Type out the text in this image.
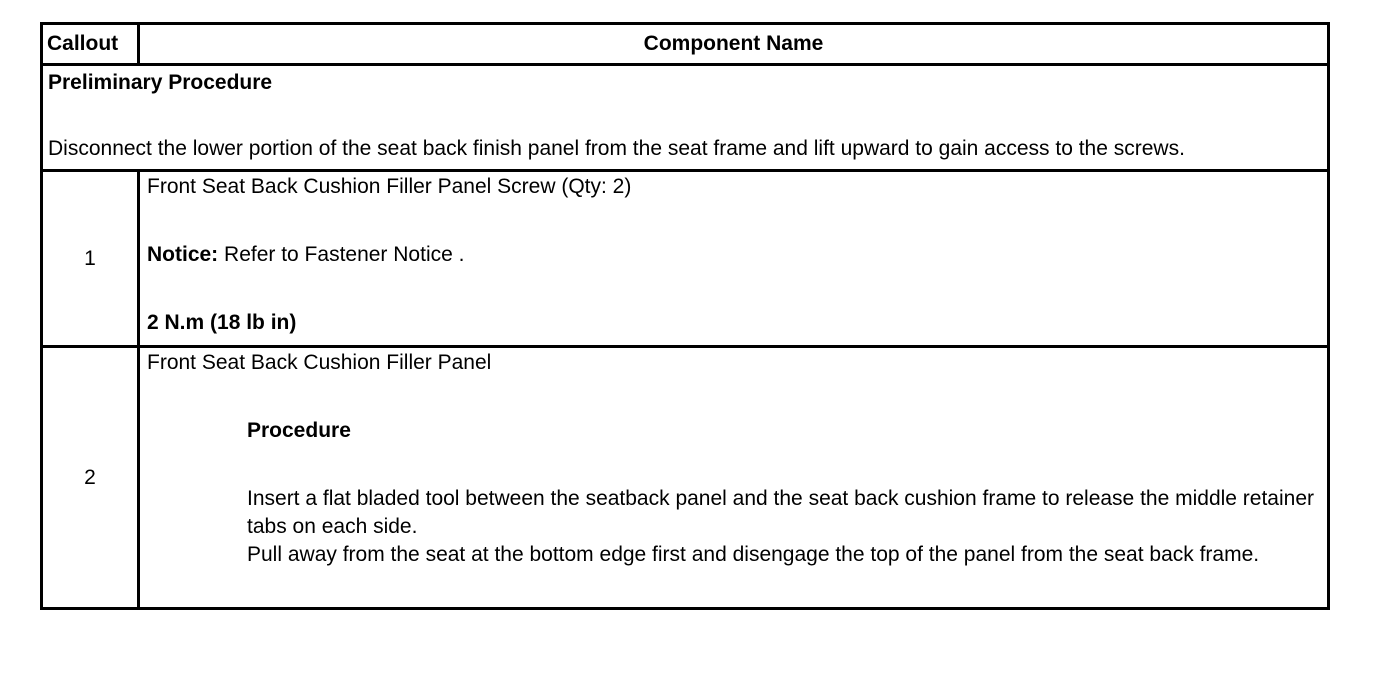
Callout	Component Name

Preliminary Procedure
Disconnect the lower portion of the seat back finish panel from the seat frame and lift upward to gain access to the screws.	

1	Front Seat Back Cushion Filler Panel Screw (Qty: 2)
Notice: Refer to Fastener Notice .
2 N.m (18 lb in)

2	Front Seat Back Cushion Filler Panel
Procedure
Insert a flat bladed tool between the seatback panel and the seat back cushion frame to release the middle retainer tabs on each side.
Pull away from the seat at the bottom edge first and disengage the top of the panel from the seat back frame.
